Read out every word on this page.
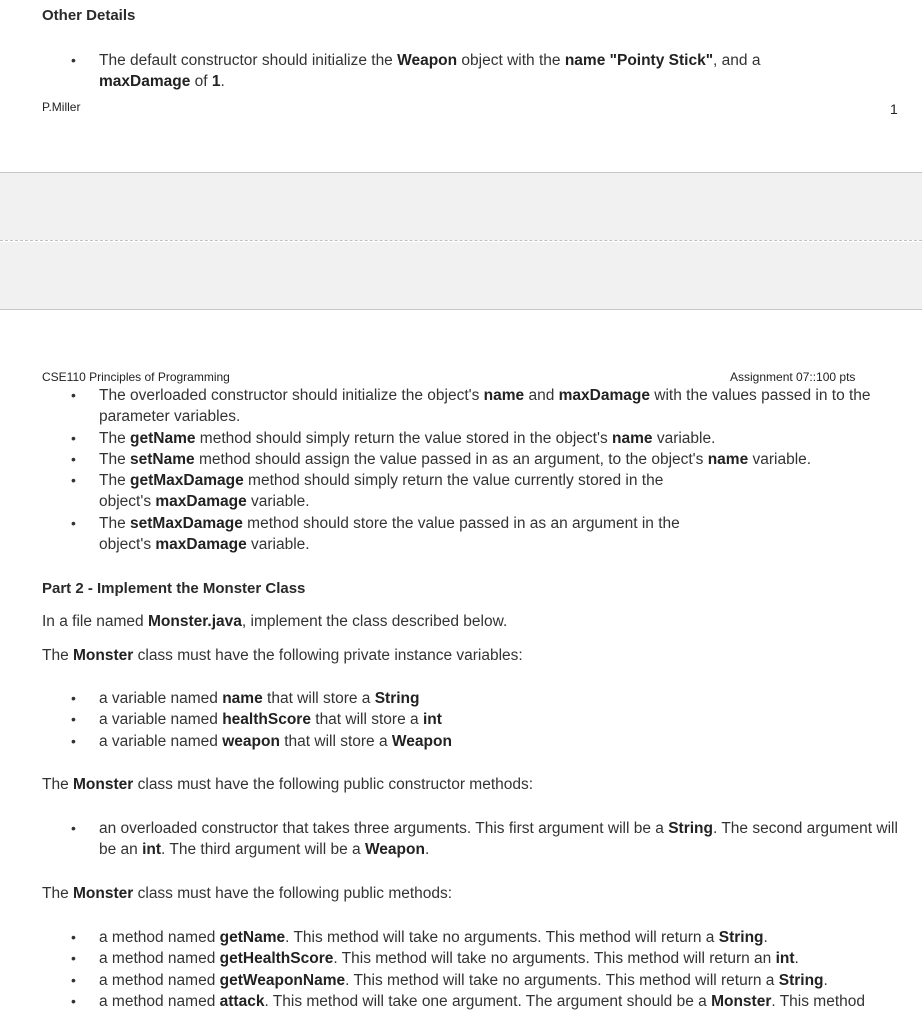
Other Details
• The default constructor should initialize the Weapon object with the name "Pointy Stick", and a maxDamage of 1.
P.Miller	1
CSE110 Principles of Programming	Assignment 07::100 pts
• The overloaded constructor should initialize the object's name and maxDamage with the values passed in to the parameter variables.
• The getName method should simply return the value stored in the object's name variable.
• The setName method should assign the value passed in as an argument, to the object's name variable.
• The getMaxDamage method should simply return the value currently stored in the object's maxDamage variable.
• The setMaxDamage method should store the value passed in as an argument in the object's maxDamage variable.
Part 2 - Implement the Monster Class
In a file named Monster.java, implement the class described below.
The Monster class must have the following private instance variables:
• a variable named name that will store a String
• a variable named healthScore that will store a int
• a variable named weapon that will store a Weapon
The Monster class must have the following public constructor methods:
• an overloaded constructor that takes three arguments. This first argument will be a String. The second argument will be an int. The third argument will be a Weapon.
The Monster class must have the following public methods:
• a method named getName. This method will take no arguments. This method will return a String.
• a method named getHealthScore. This method will take no arguments. This method will return an int.
• a method named getWeaponName. This method will take no arguments. This method will return a String.
• a method named attack. This method will take one argument. The argument should be a Monster. This method
